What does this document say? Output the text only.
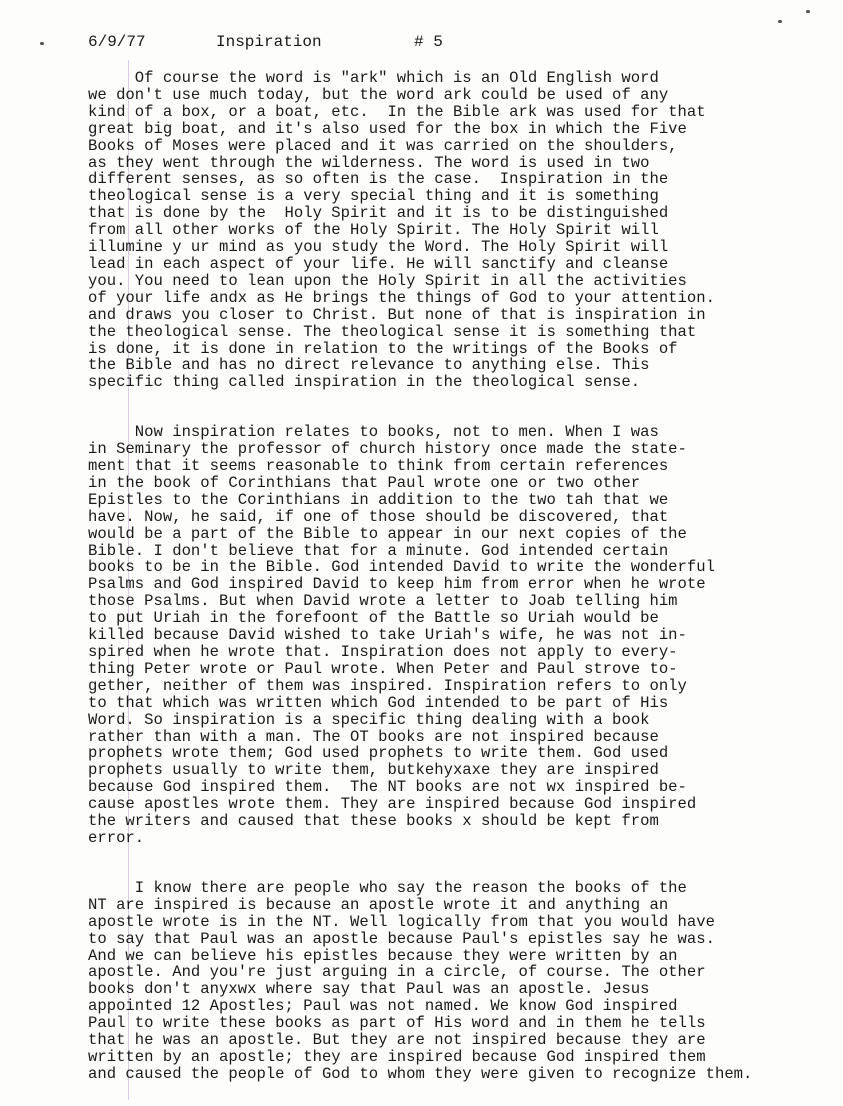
6/9/77

	Inspiration

	# 5

Of course the word is "ark" which is an Old English word

we don't use much today, but the word ark could be used of any

kind of a box, or a boat, etc.  In the Bible ark was used for that

great big boat, and it's also used for the box in which the Five

Books of Moses were placed and it was carried on the shoulders,

as they went through the wilderness. The word is used in two

different senses, as so often is the case.  Inspiration in the

theological sense is a very special thing and it is something

that is done by the  Holy Spirit and it is to be distinguished

from all other works of the Holy Spirit. The Holy Spirit will

illumine y ur mind as you study the Word. The Holy Spirit will

lead in each aspect of your life. He will sanctify and cleanse

you. You need to lean upon the Holy Spirit in all the activities

of your life andx as He brings the things of God to your attention.

and draws you closer to Christ. But none of that is inspiration in

the theological sense. The theological sense it is something that

is done, it is done in relation to the writings of the Books of

the Bible and has no direct relevance to anything else. This

specific thing called inspiration in the theological sense.

Now inspiration relates to books, not to men. When I was

in Seminary the professor of church history once made the state-

ment that it seems reasonable to think from certain references

in the book of Corinthians that Paul wrote one or two other

Epistles to the Corinthians in addition to the two tah that we

have. Now, he said, if one of those should be discovered, that

would be a part of the Bible to appear in our next copies of the

Bible. I don't believe that for a minute. God intended certain

books to be in the Bible. God intended David to write the wonderful

Psalms and God inspired David to keep him from error when he wrote

those Psalms. But when David wrote a letter to Joab telling him

to put Uriah in the forefoont of the Battle so Uriah would be

killed because David wished to take Uriah's wife, he was not in-

spired when he wrote that. Inspiration does not apply to every-

thing Peter wrote or Paul wrote. When Peter and Paul strove to-

gether, neither of them was inspired. Inspiration refers to only

to that which was written which God intended to be part of His

Word. So inspiration is a specific thing dealing with a book

rather than with a man. The OT books are not inspired because

prophets wrote them; God used prophets to write them. God used

prophets usually to write them, butkehyxaxe they are inspired

because God inspired them.  The NT books are not wx inspired be-

cause apostles wrote them. They are inspired because God inspired

the writers and caused that these books x should be kept from

error.

I know there are people who say the reason the books of the

NT are inspired is because an apostle wrote it and anything an

apostle wrote is in the NT. Well logically from that you would have

to say that Paul was an apostle because Paul's epistles say he was.

And we can believe his epistles because they were written by an

apostle. And you're just arguing in a circle, of course. The other

books don't anyxwx where say that Paul was an apostle. Jesus

appointed 12 Apostles; Paul was not named. We know God inspired

Paul to write these books as part of His word and in them he tells

that he was an apostle. But they are not inspired because they are

written by an apostle; they are inspired because God inspired them

and caused the people of God to whom they were given to recognize them.
